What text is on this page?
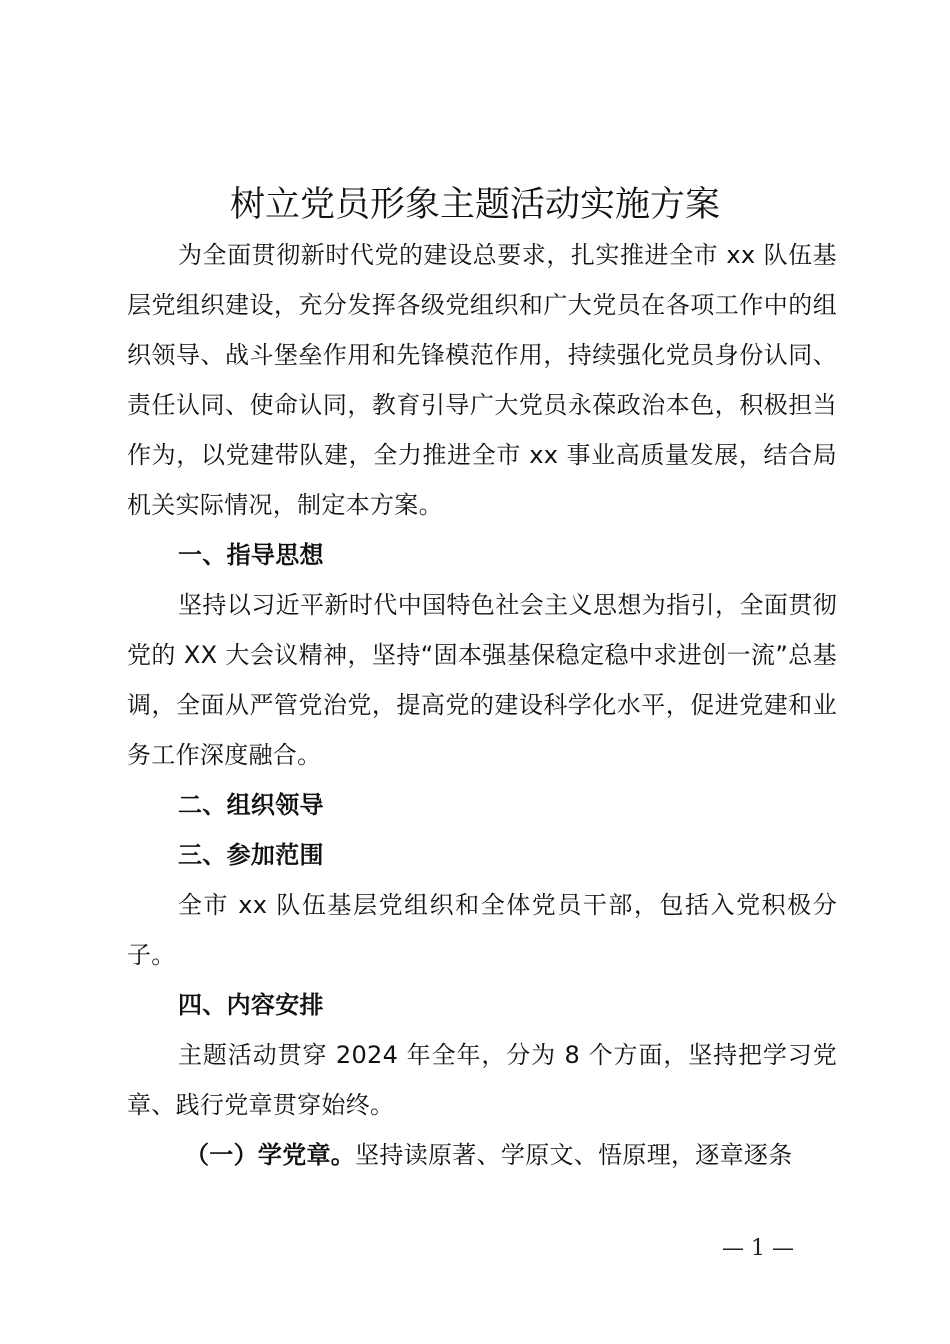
树立党员形象主题活动实施方案

为全面贯彻新时代党的建设总要求，扎实推进全市 xx 队伍基层党组织建设，充分发挥各级党组织和广大党员在各项工作中的组织领导、战斗堡垒作用和先锋模范作用，持续强化党员身份认同、责任认同、使命认同，教育引导广大党员永葆政治本色，积极担当作为，以党建带队建，全力推进全市 xx 事业高质量发展，结合局机关实际情况，制定本方案。

一、指导思想

坚持以习近平新时代中国特色社会主义思想为指引，全面贯彻党的 XX 大会议精神，坚持“固本强基保稳定稳中求进创一流”总基调，全面从严管党治党，提高党的建设科学化水平，促进党建和业务工作深度融合。

二、组织领导

三、参加范围

全市 xx 队伍基层党组织和全体党员干部，包括入党积极分子。

四、内容安排

主题活动贯穿 2024 年全年，分为 8 个方面，坚持把学习党章、践行党章贯穿始终。

（一）学党章。坚持读原著、学原文、悟原理，逐章逐条

— 1 —
